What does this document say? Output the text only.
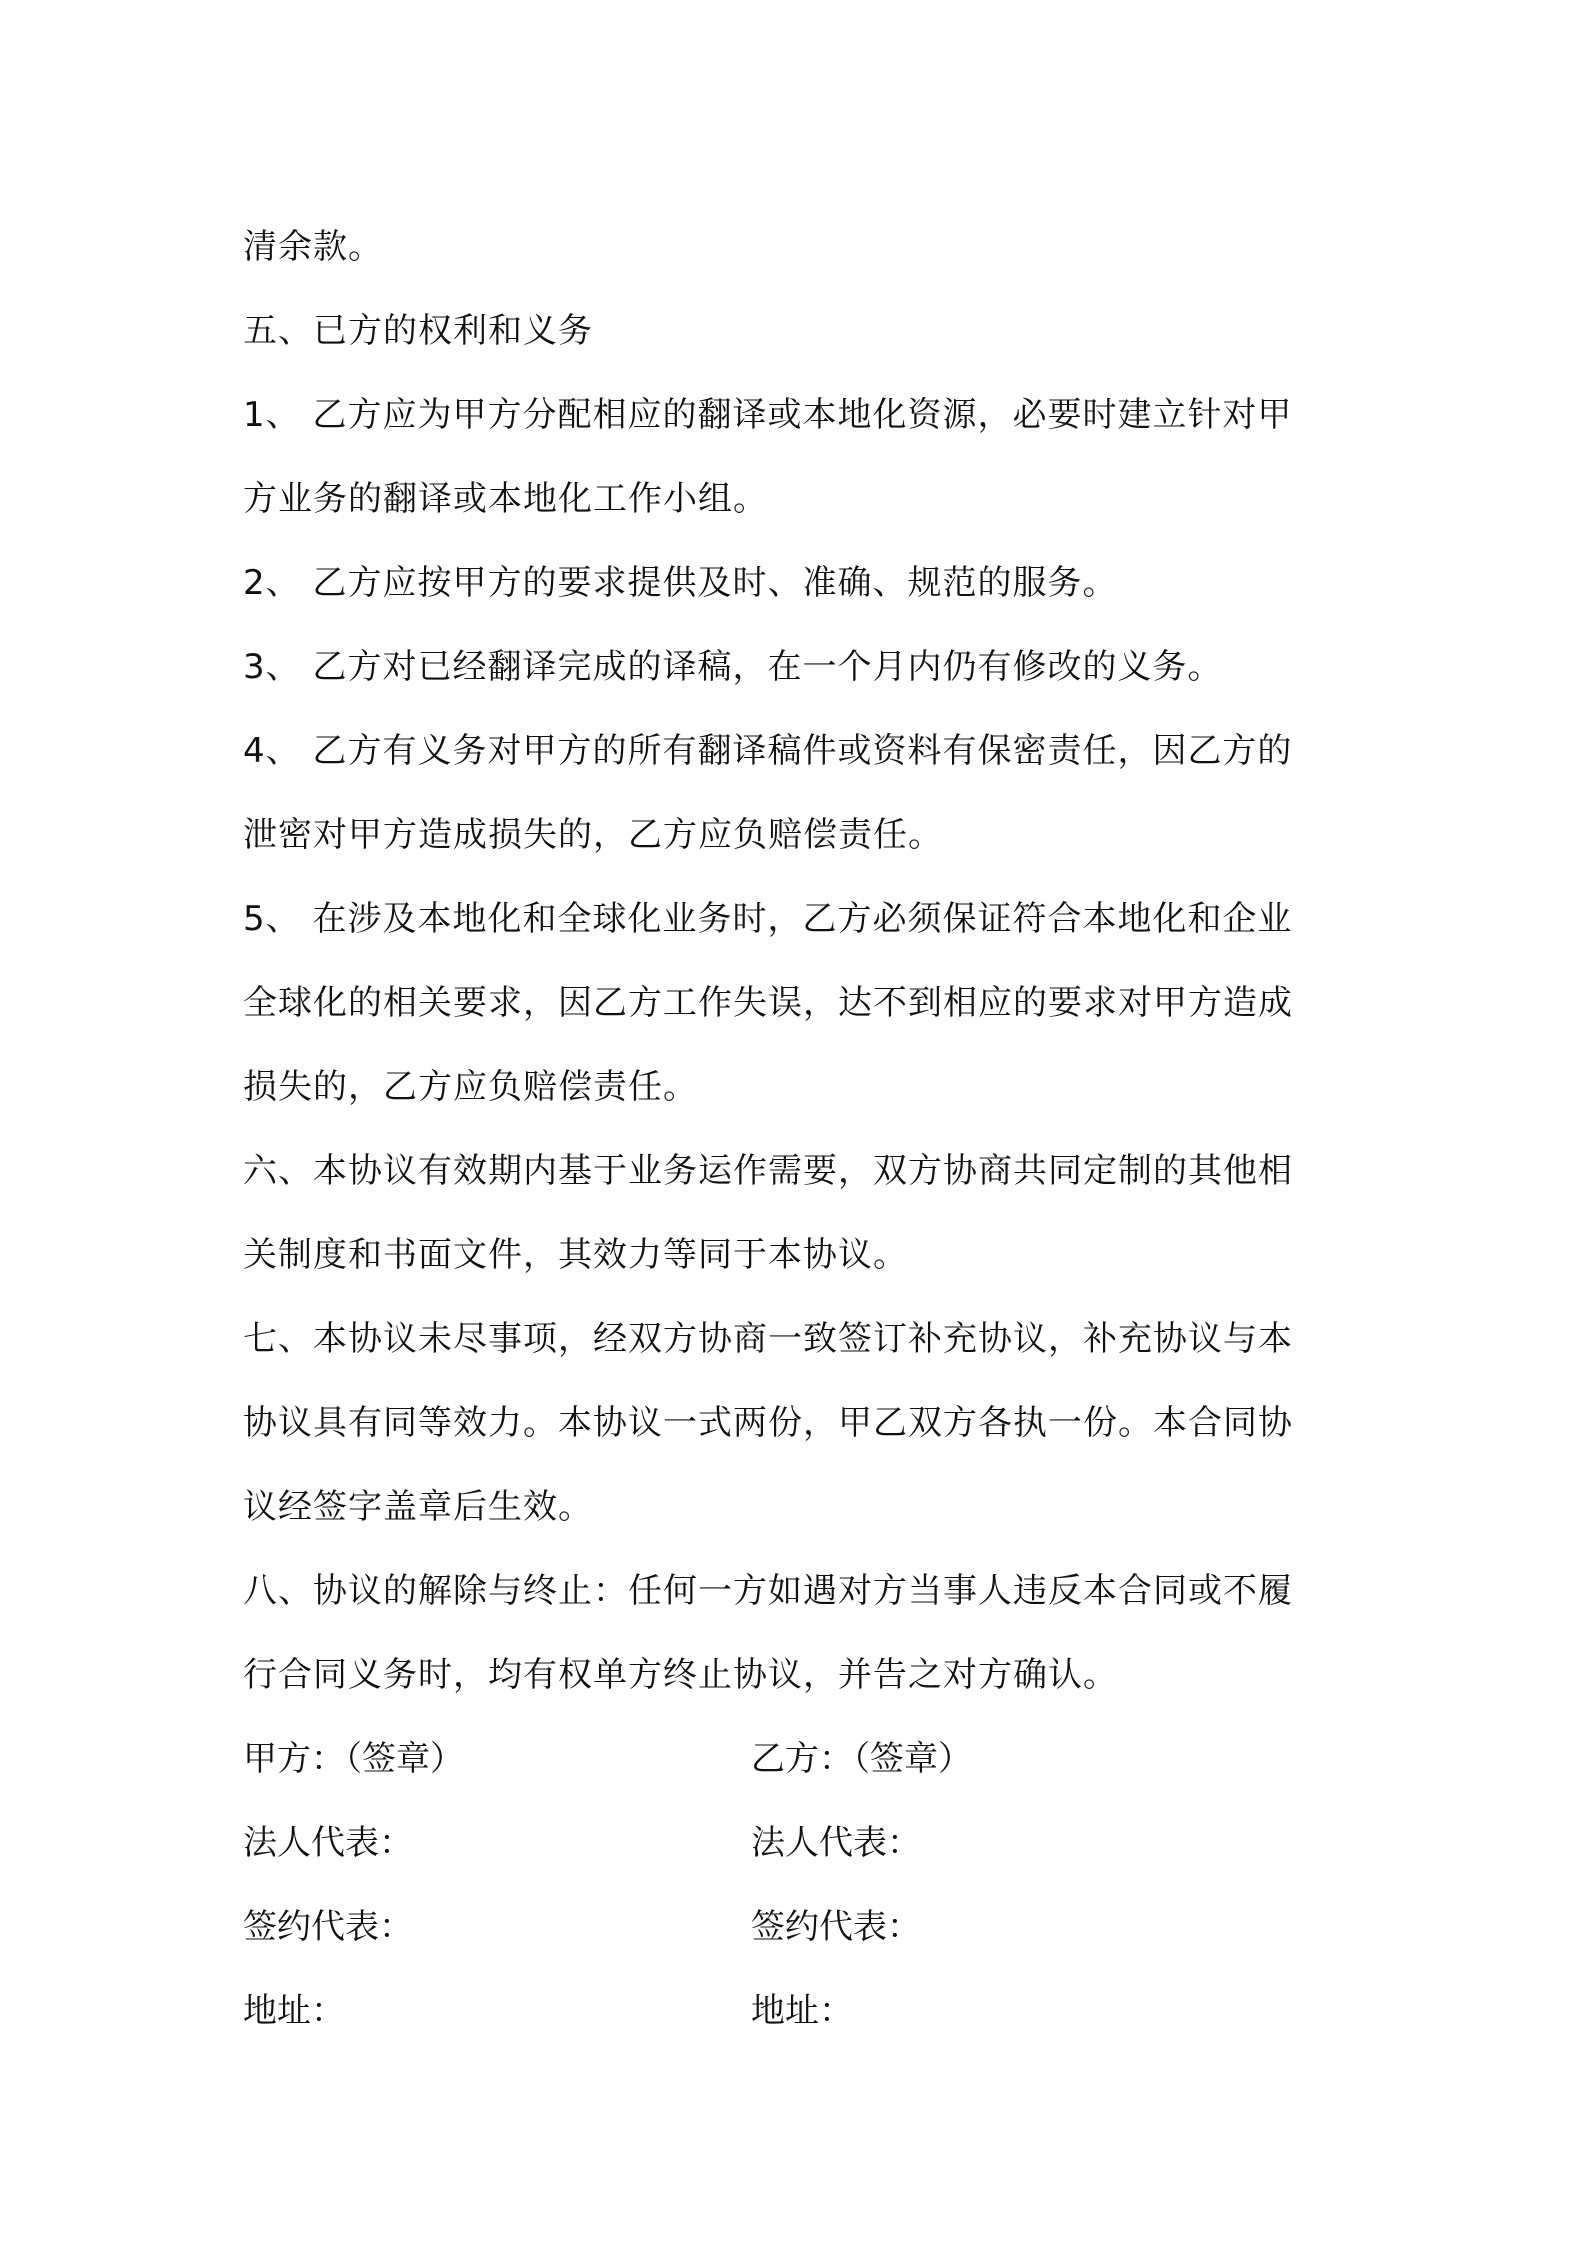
清余款。
五、已方的权利和义务
1、 乙方应为甲方分配相应的翻译或本地化资源，必要时建立针对甲
方业务的翻译或本地化工作小组。
2、 乙方应按甲方的要求提供及时、准确、规范的服务。
3、 乙方对已经翻译完成的译稿，在一个月内仍有修改的义务。
4、 乙方有义务对甲方的所有翻译稿件或资料有保密责任，因乙方的
泄密对甲方造成损失的，乙方应负赔偿责任。
5、 在涉及本地化和全球化业务时，乙方必须保证符合本地化和企业
全球化的相关要求，因乙方工作失误，达不到相应的要求对甲方造成
损失的，乙方应负赔偿责任。
六、本协议有效期内基于业务运作需要，双方协商共同定制的其他相
关制度和书面文件，其效力等同于本协议。
七、本协议未尽事项，经双方协商一致签订补充协议，补充协议与本
协议具有同等效力。本协议一式两份，甲乙双方各执一份。本合同协
议经签字盖章后生效。
八、协议的解除与终止：任何一方如遇对方当事人违反本合同或不履
行合同义务时，均有权单方终止协议，并告之对方确认。
甲方：（签章）	乙方：（签章）
法人代表：	法人代表：
签约代表：	签约代表：
地址：	地址：
